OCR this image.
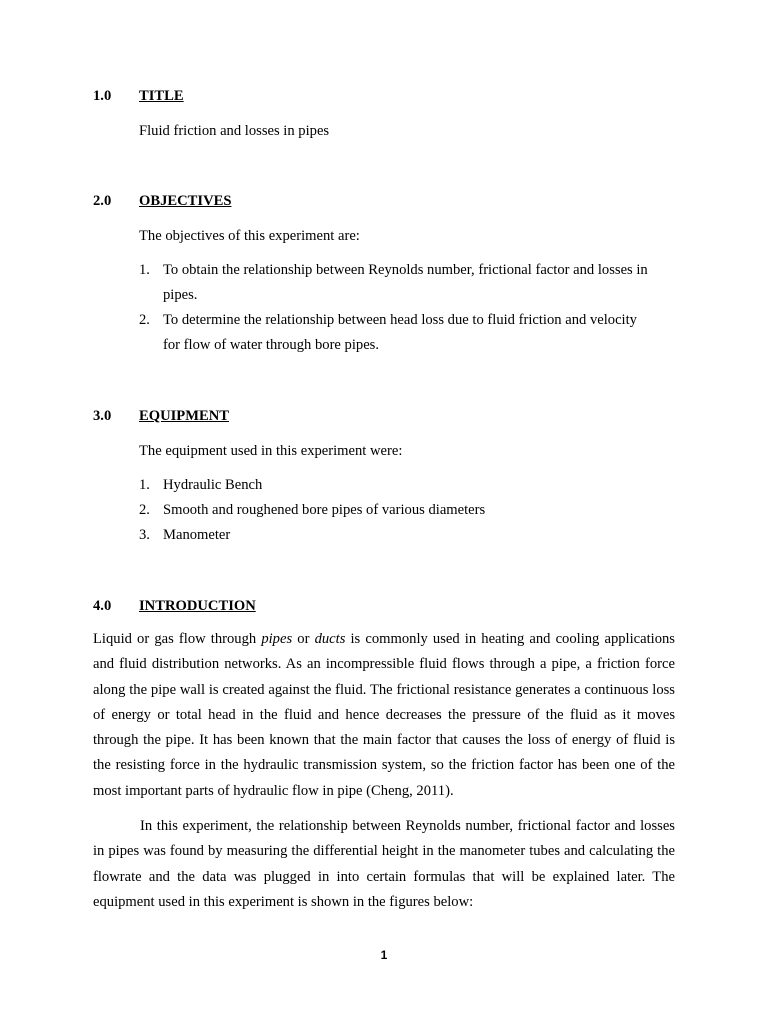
1.0 TITLE
Fluid friction and losses in pipes
2.0 OBJECTIVES
The objectives of this experiment are:
1. To obtain the relationship between Reynolds number, frictional factor and losses in
pipes.
2. To determine the relationship between head loss due to fluid friction and velocity
for flow of water through bore pipes.
3.0 EQUIPMENT
The equipment used in this experiment were:
1. Hydraulic Bench
2. Smooth and roughened bore pipes of various diameters
3. Manometer
4.0 INTRODUCTION
Liquid or gas flow through pipes or ducts is commonly used in heating and cooling applications and fluid distribution networks. As an incompressible fluid flows through a pipe, a friction force along the pipe wall is created against the fluid. The frictional resistance generates a continuous loss of energy or total head in the fluid and hence decreases the pressure of the fluid as it moves through the pipe. It has been known that the main factor that causes the loss of energy of fluid is the resisting force in the hydraulic transmission system, so the friction factor has been one of the most important parts of hydraulic flow in pipe (Cheng, 2011).
In this experiment, the relationship between Reynolds number, frictional factor and losses in pipes was found by measuring the differential height in the manometer tubes and calculating the flowrate and the data was plugged in into certain formulas that will be explained later. The equipment used in this experiment is shown in the figures below:
1
